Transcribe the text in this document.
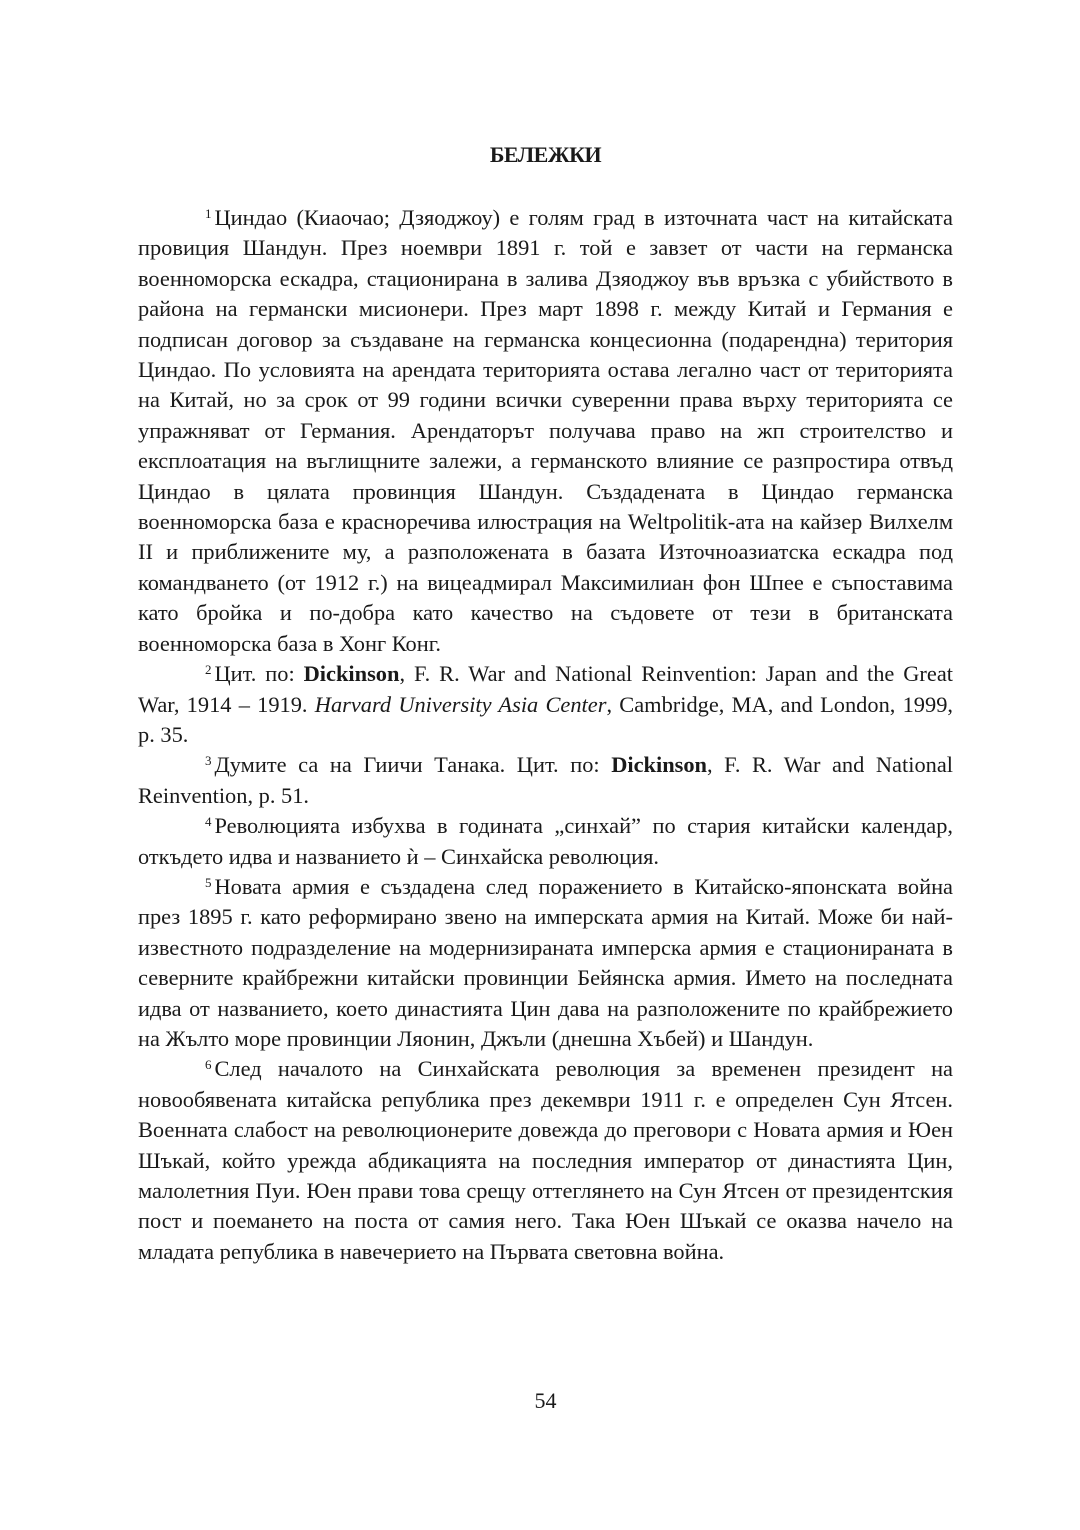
БЕЛЕЖКИ

$^1$ Циндао (Киаочао; Дзяоджоу) е голям град в източната част на китайската провиция Шандун. През ноември 1891 г. той е завзет от части на германска военноморска ескадра, стационирана в залива Дзяоджоу във връзка с убийството в района на германски мисионери. През март 1898 г. между Китай и Германия е подписан договор за създаване на германска концесионна (подарендна) територия Циндао. По условията на арендата територията остава легално част от територията на Китай, но за срок от 99 години всички суверенни права върху територията се упражняват от Германия. Арендаторът получава право на жп строителство и експлоатация на въглищните залежи, а германското влияние се разпростира отвъд Циндао в цялата провинция Шандун. Създадената в Циндао германска военноморска база е красноречива илюстрация на Weltpolitik-ата на кайзер Вилхелм II и приближените му, а разположената в базата Източноазиатска ескадра под командването (от 1912 г.) на вицеадмирал Максимилиан фон Шпее е съпоставима като бройка и по-добра като качество на съдовете от тези в британската военноморска база в Хонг Конг.

$^2$ Цит. по: Dickinson, F. R. War and National Reinvention: Japan and the Great War, 1914 – 1919. Harvard University Asia Center, Cambridge, MA, and London, 1999, p. 35.

$^3$ Думите са на Гиичи Танака. Цит. по: Dickinson, F. R. War and National Reinvention, p. 51.

$^4$ Революцията избухва в годината „синхай” по стария китайски календар, откъдето идва и названието ѝ – Синхайска революция.

$^5$ Новата армия е създадена след поражението в Китайско-японската война през 1895 г. като реформирано звено на имперската армия на Китай. Може би най-известното подразделение на модернизираната имперска армия е стационираната в северните крайбрежни китайски провинции Бейянска армия. Името на последната идва от названието, което династията Цин дава на разположените по крайбрежието на Жълто море провинции Ляонин, Джъли (днешна Хъбей) и Шандун.

$^6$ След началото на Синхайската революция за временен президент на новообявената китайска република през декември 1911 г. е определен Сун Ятсен. Военната слабост на революционерите довежда до преговори с Новата армия и Юен Шъкай, който урежда абдикацията на последния император от династията Цин, малолетния Пуи. Юен прави това срещу оттеглянето на Сун Ятсен от президентския пост и поемането на поста от самия него. Така Юен Шъкай се оказва начело на младата република в навечерието на Първата световна война.

54
